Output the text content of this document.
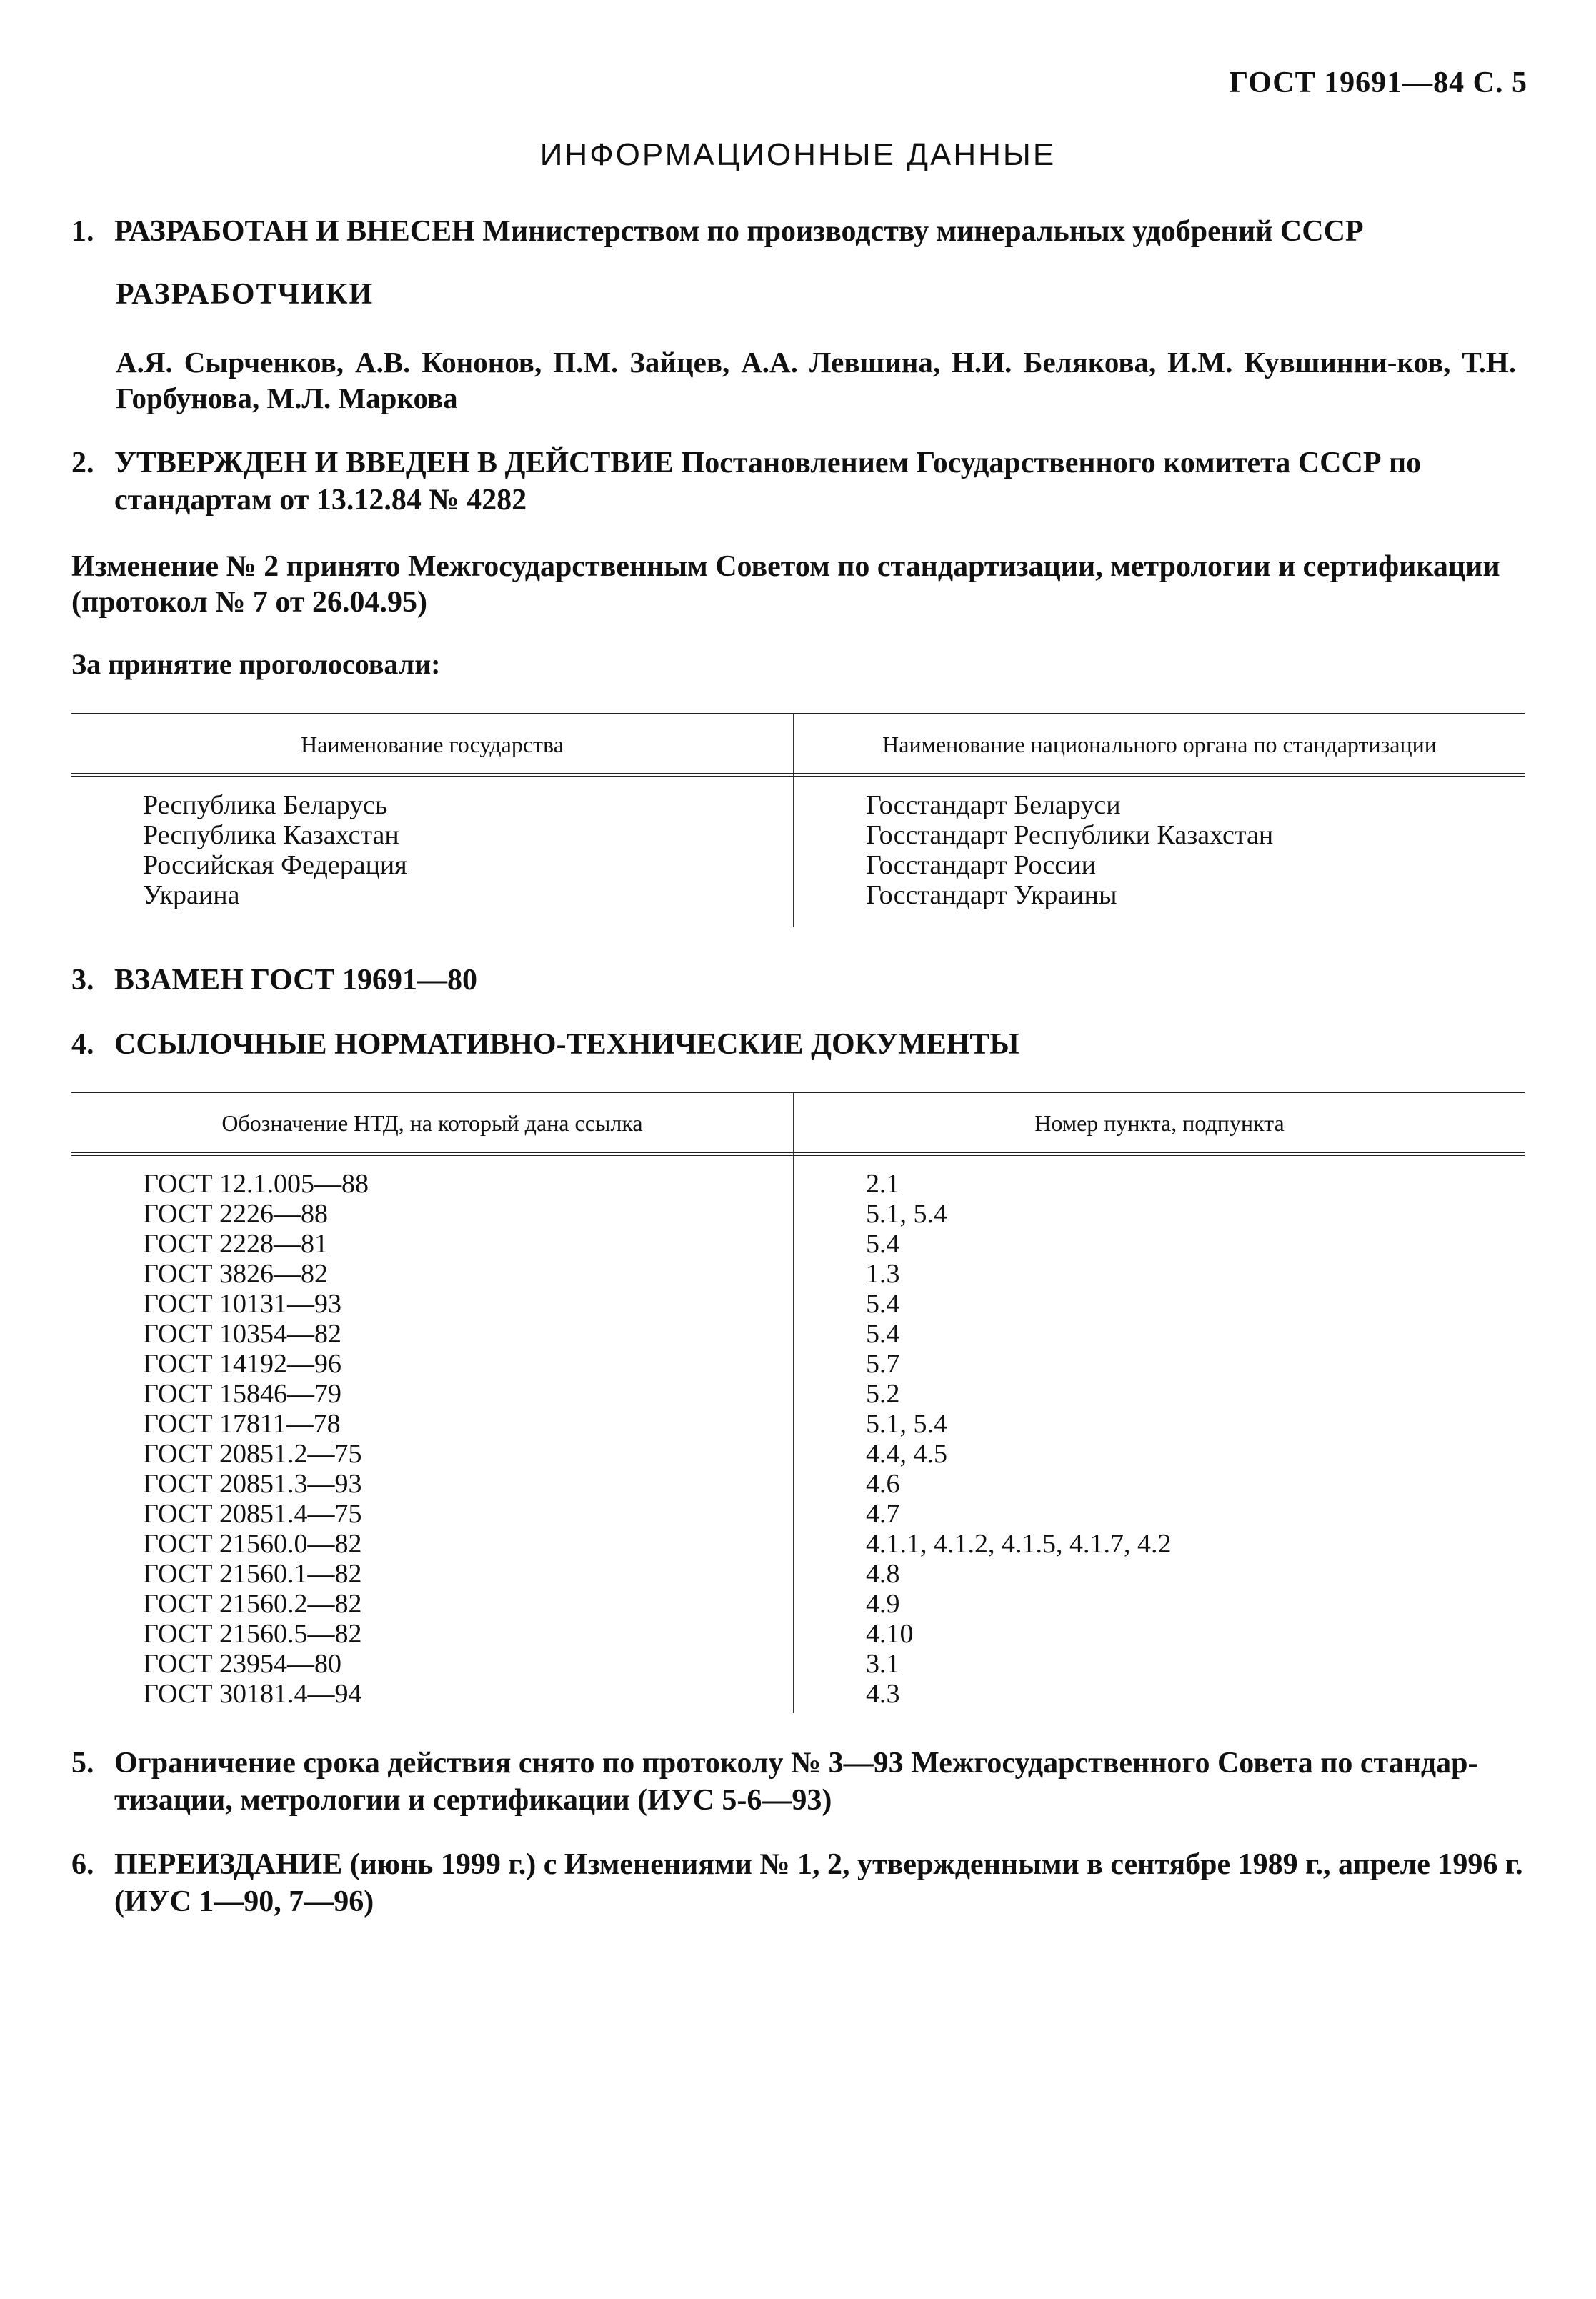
ГОСТ 19691—84 С. 5
ИНФОРМАЦИОННЫЕ ДАННЫЕ
1. РАЗРАБОТАН И ВНЕСЕН Министерством по производству минеральных удобрений СССР
РАЗРАБОТЧИКИ
А.Я. Сырченков, А.В. Кононов, П.М. Зайцев, А.А. Левшина, Н.И. Белякова, И.М. Кувшинни-ков, Т.Н. Горбунова, М.Л. Маркова
2. УТВЕРЖДЕН И ВВЕДЕН В ДЕЙСТВИЕ Постановлением Государственного комитета СССР по стандартам от 13.12.84 № 4282
Изменение № 2 принято Межгосударственным Советом по стандартизации, метрологии и сертификации (протокол № 7 от 26.04.95)
За принятие проголосовали:
Наименование государства	Наименование национального органа по стандартизации
Республика Беларусь
Республика Казахстан
Российская Федерация
Украина
Госстандарт Беларуси
Госстандарт Республики Казахстан
Госстандарт России
Госстандарт Украины
3. ВЗАМЕН ГОСТ 19691—80
4. ССЫЛОЧНЫЕ НОРМАТИВНО-ТЕХНИЧЕСКИЕ ДОКУМЕНТЫ
Обозначение НТД, на который дана ссылка	Номер пункта, подпункта
ГОСТ 12.1.005—88
ГОСТ 2226—88
ГОСТ 2228—81
ГОСТ 3826—82
ГОСТ 10131—93
ГОСТ 10354—82
ГОСТ 14192—96
ГОСТ 15846—79
ГОСТ 17811—78
ГОСТ 20851.2—75
ГОСТ 20851.3—93
ГОСТ 20851.4—75
ГОСТ 21560.0—82
ГОСТ 21560.1—82
ГОСТ 21560.2—82
ГОСТ 21560.5—82
ГОСТ 23954—80
ГОСТ 30181.4—94
2.1
5.1, 5.4
5.4
1.3
5.4
5.4
5.7
5.2
5.1, 5.4
4.4, 4.5
4.6
4.7
4.1.1, 4.1.2, 4.1.5, 4.1.7, 4.2
4.8
4.9
4.10
3.1
4.3
5. Ограничение срока действия снято по протоколу № 3—93 Межгосударственного Совета по стандар-тизации, метрологии и сертификации (ИУС 5-6—93)
6. ПЕРЕИЗДАНИЕ (июнь 1999 г.) с Изменениями № 1, 2, утвержденными в сентябре 1989 г., апреле 1996 г. (ИУС 1—90, 7—96)
